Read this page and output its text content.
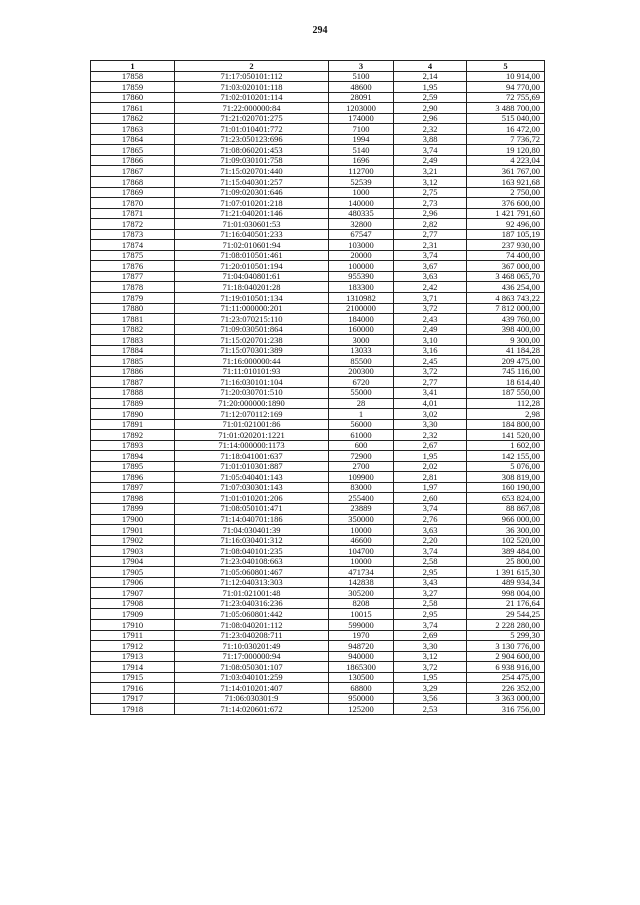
294
1	2	3	4	5
17858	71:17:050101:112	5100	2,14	10 914,00
17859	71:03:020101:118	48600	1,95	94 770,00
17860	71:02:010201:114	28091	2,59	72 755,69
17861	71:22:000000:84	1203000	2,90	3 488 700,00
17862	71:21:020701:275	174000	2,96	515 040,00
17863	71:01:010401:772	7100	2,32	16 472,00
17864	71:23:050123:696	1994	3,88	7 736,72
17865	71:08:060201:453	5140	3,74	19 120,80
17866	71:09:030101:758	1696	2,49	4 223,04
17867	71:15:020701:440	112700	3,21	361 767,00
17868	71:15:040301:257	52539	3,12	163 921,68
17869	71:09:020301:646	1000	2,75	2 750,00
17870	71:07:010201:218	140000	2,73	376 600,00
17871	71:21:040201:146	480335	2,96	1 421 791,60
17872	71:01:030601:53	32800	2,82	92 496,00
17873	71:16:040501:233	67547	2,77	187 105,19
17874	71:02:010601:94	103000	2,31	237 930,00
17875	71:08:010501:461	20000	3,74	74 400,00
17876	71:20:010501:194	100000	3,67	367 000,00
17877	71:04:040801:61	955390	3,63	3 468 065,70
17878	71:18:040201:28	183300	2,42	436 254,00
17879	71:19:010501:134	1310982	3,71	4 863 743,22
17880	71:11:000000:201	2100000	3,72	7 812 000,00
17881	71:23:070215:110	184000	2,43	439 760,00
17882	71:09:030501:864	160000	2,49	398 400,00
17883	71:15:020701:238	3000	3,10	9 300,00
17884	71:15:070301:389	13033	3,16	41 184,28
17885	71:16:000000:44	85500	2,45	209 475,00
17886	71:11:010101:93	200300	3,72	745 116,00
17887	71:16:030101:104	6720	2,77	18 614,40
17888	71:20:030701:510	55000	3,41	187 550,00
17889	71:20:000000:1890	28	4,01	112,28
17890	71:12:070112:169	1	3,02	2,98
17891	71:01:021001:86	56000	3,30	184 800,00
17892	71:01:020201:1221	61000	2,32	141 520,00
17893	71:14:000000:1173	600	2,67	1 602,00
17894	71:18:041001:637	72900	1,95	142 155,00
17895	71:01:010301:887	2700	2,02	5 076,00
17896	71:05:040401:143	109900	2,81	308 819,00
17897	71:07:030301:143	83000	1,97	160 190,00
17898	71:01:010201:206	255400	2,60	653 824,00
17899	71:08:050101:471	23889	3,74	88 867,08
17900	71:14:040701:186	350000	2,76	966 000,00
17901	71:04:030401:39	10000	3,63	36 300,00
17902	71:16:030401:312	46600	2,20	102 520,00
17903	71:08:040101:235	104700	3,74	389 484,00
17904	71:23:040108:663	10000	2,58	25 800,00
17905	71:05:060801:467	471734	2,95	1 391 615,30
17906	71:12:040313:303	142838	3,43	489 934,34
17907	71:01:021001:48	305200	3,27	998 004,00
17908	71:23:040316:236	8208	2,58	21 176,64
17909	71:05:060801:442	10015	2,95	29 544,25
17910	71:08:040201:112	599000	3,74	2 228 280,00
17911	71:23:040208:711	1970	2,69	5 299,30
17912	71:10:030201:49	948720	3,30	3 130 776,00
17913	71:17:000000:94	940000	3,12	2 904 600,00
17914	71:08:050301:107	1865300	3,72	6 938 916,00
17915	71:03:040101:259	130500	1,95	254 475,00
17916	71:14:010201:407	68800	3,29	226 352,00
17917	71:06:030301:9	950000	3,56	3 363 000,00
17918	71:14:020601:672	125200	2,53	316 756,00
